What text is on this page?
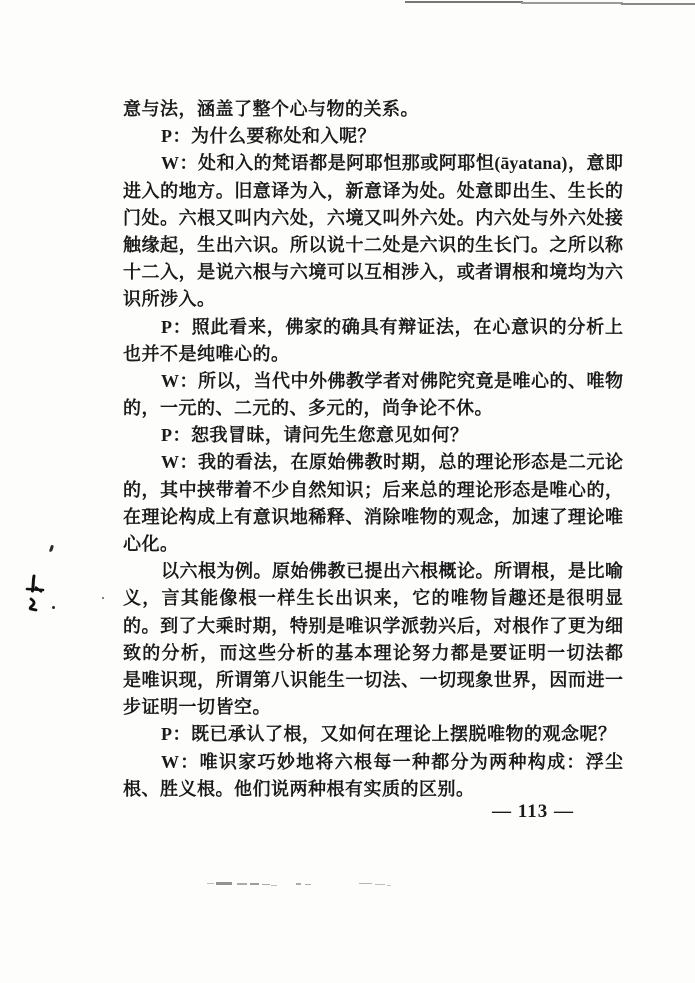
意与法，涵盖了整个心与物的关系。
P：为什么要称处和入呢？
W：处和入的梵语都是阿耶怛那或阿耶怛(āyatana)，意即
进入的地方。旧意译为入，新意译为处。处意即出生、生长的
门处。六根又叫内六处，六境又叫外六处。内六处与外六处接
触缘起，生出六识。所以说十二处是六识的生长门。之所以称
十二入，是说六根与六境可以互相涉入，或者谓根和境均为六
识所涉入。
P：照此看来，佛家的确具有辩证法，在心意识的分析上
也并不是纯唯心的。
W：所以，当代中外佛教学者对佛陀究竟是唯心的、唯物
的，一元的、二元的、多元的，尚争论不休。
P：恕我冒昧，请问先生您意见如何？
W：我的看法，在原始佛教时期，总的理论形态是二元论
的，其中挟带着不少自然知识；后来总的理论形态是唯心的，
在理论构成上有意识地稀释、消除唯物的观念，加速了理论唯
心化。
以六根为例。原始佛教已提出六根概论。所谓根，是比喻
义，言其能像根一样生长出识来，它的唯物旨趣还是很明显
的。到了大乘时期，特别是唯识学派勃兴后，对根作了更为细
致的分析，而这些分析的基本理论努力都是要证明一切法都
是唯识现，所谓第八识能生一切法、一切现象世界，因而进一
步证明一切皆空。
P：既已承认了根，又如何在理论上摆脱唯物的观念呢？
W：唯识家巧妙地将六根每一种都分为两种构成：浮尘
根、胜义根。他们说两种根有实质的区别。
— 113 —
